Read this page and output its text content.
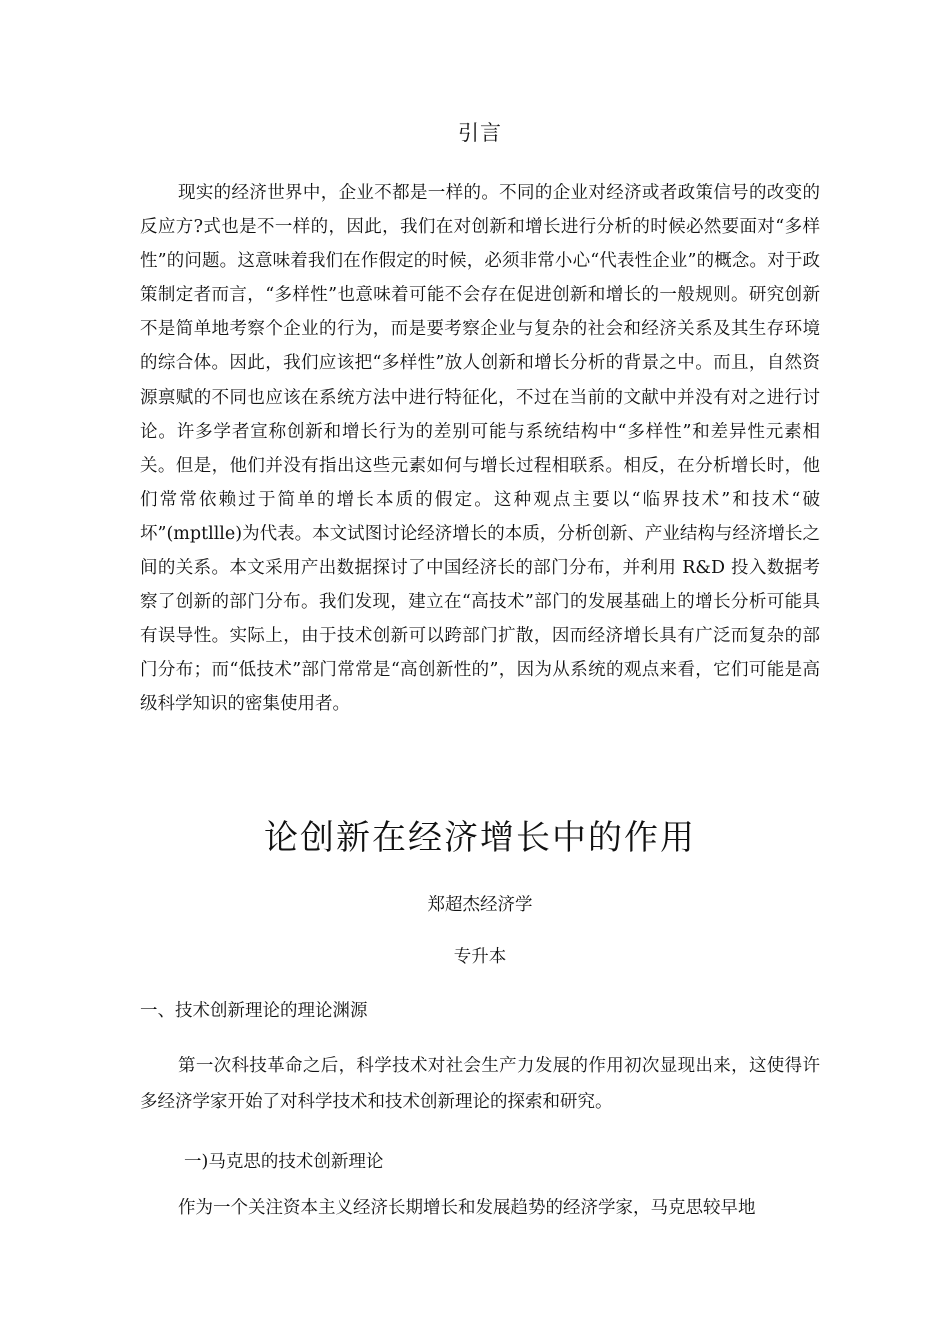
引言

现实的经济世界中，企业不都是一样的。不同的企业对经济或者政策信号的改变的反应方?式也是不一样的，因此，我们在对创新和增长进行分析的时候必然要面对“多样性”的问题。这意味着我们在作假定的时候，必须非常小心“代表性企业”的概念。对于政策制定者而言，“多样性”也意味着可能不会存在促进创新和增长的一般规则。研究创新不是简单地考察个企业的行为，而是要考察企业与复杂的社会和经济关系及其生存环境的综合体。因此，我们应该把“多样性”放人创新和增长分析的背景之中。而且，自然资源禀赋的不同也应该在系统方法中进行特征化，不过在当前的文献中并没有对之进行讨论。许多学者宣称创新和增长行为的差别可能与系统结构中“多样性”和差异性元素相关。但是，他们并没有指出这些元素如何与增长过程相联系。相反，在分析增长时，他们常常依赖过于简单的增长本质的假定。这种观点主要以“临界技术”和技术“破坏”(mptllle)为代表。本文试图讨论经济增长的本质，分析创新、产业结构与经济增长之间的关系。本文采用产出数据探讨了中国经济长的部门分布，并利用 R&D 投入数据考察了创新的部门分布。我们发现，建立在“高技术”部门的发展基础上的增长分析可能具有误导性。实际上，由于技术创新可以跨部门扩散，因而经济增长具有广泛而复杂的部门分布；而“低技术”部门常常是“高创新性的”，因为从系统的观点来看，它们可能是高级科学知识的密集使用者。

论创新在经济增长中的作用
郑超杰经济学
专升本
一、技术创新理论的理论渊源

第一次科技革命之后，科学技术对社会生产力发展的作用初次显现出来，这使得许多经济学家开始了对科学技术和技术创新理论的探索和研究。

一)马克思的技术创新理论

作为一个关注资本主义经济长期增长和发展趋势的经济学家，马克思较早地
